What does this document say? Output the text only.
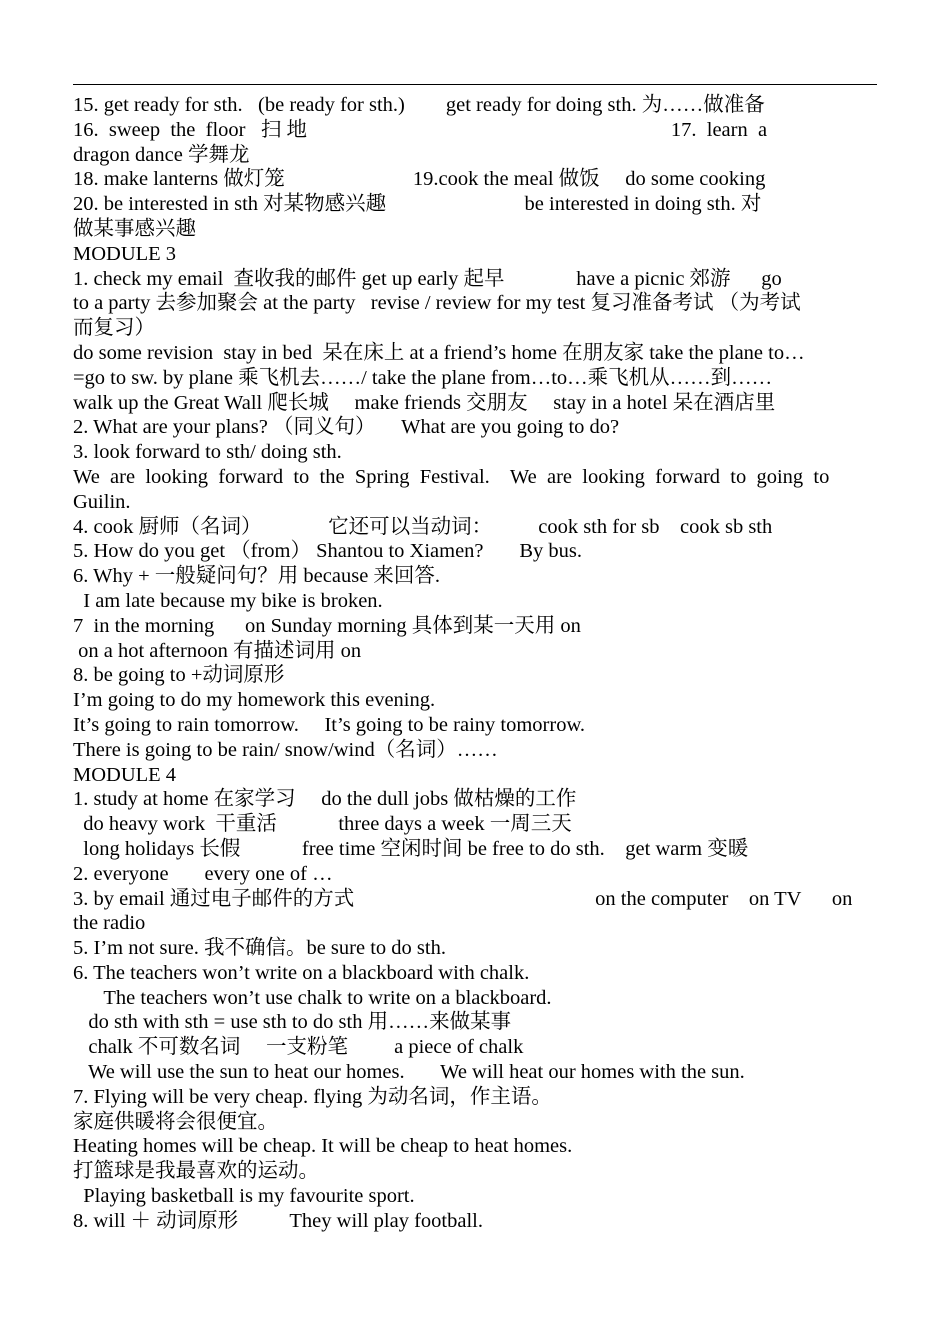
15. get ready for sth.   (be ready for sth.)        get ready for doing sth. 为……做准备
16.  sweep  the  floor   扫 地                                                                       17.  learn  a
dragon dance 学舞龙
18. make lanterns 做灯笼                         19.cook the meal 做饭     do some cooking
20. be interested in sth 对某物感兴趣                           be interested in doing sth. 对
做某事感兴趣
MODULE 3
1. check my email  查收我的邮件 get up early 起早              have a picnic 郊游      go
to a party 去参加聚会 at the party   revise / review for my test 复习准备考试 （为考试
而复习）
do some revision  stay in bed  呆在床上 at a friend’s home 在朋友家 take the plane to…
=go to sw. by plane 乘飞机去……/ take the plane from…to…乘飞机从……到……
walk up the Great Wall 爬长城     make friends 交朋友     stay in a hotel 呆在酒店里
2. What are your plans? （同义句）     What are you going to do?
3. look forward to sth/ doing sth.
We  are  looking  forward  to  the  Spring  Festival.    We  are  looking  forward  to  going  to
Guilin.
4. cook 厨师（名词）             它还可以当动词：         cook sth for sb    cook sb sth
5. How do you get （from） Shantou to Xiamen?       By bus.
6. Why + 一般疑问句？用 because 来回答.
I am late because my bike is broken.
7  in the morning      on Sunday morning 具体到某一天用 on
on a hot afternoon 有描述词用 on
8. be going to +动词原形
I’m going to do my homework this evening.
It’s going to rain tomorrow.     It’s going to be rainy tomorrow.
There is going to be rain/ snow/wind（名词）……
MODULE 4
1. study at home 在家学习     do the dull jobs 做枯燥的工作
do heavy work  干重活            three days a week 一周三天
long holidays 长假            free time 空闲时间 be free to do sth.    get warm 变暖
2. everyone       every one of …
3. by email 通过电子邮件的方式                                               on the computer    on TV      on
the radio
5. I’m not sure. 我不确信。be sure to do sth.
6. The teachers won’t write on a blackboard with chalk.
The teachers won’t use chalk to write on a blackboard.
do sth with sth = use sth to do sth 用……来做某事
chalk 不可数名词     一支粉笔         a piece of chalk
We will use the sun to heat our homes.       We will heat our homes with the sun.
7. Flying will be very cheap. flying 为动名词，作主语。
家庭供暖将会很便宜。
Heating homes will be cheap. It will be cheap to heat homes.
打篮球是我最喜欢的运动。
Playing basketball is my favourite sport.
8. will ＋ 动词原形          They will play football.
